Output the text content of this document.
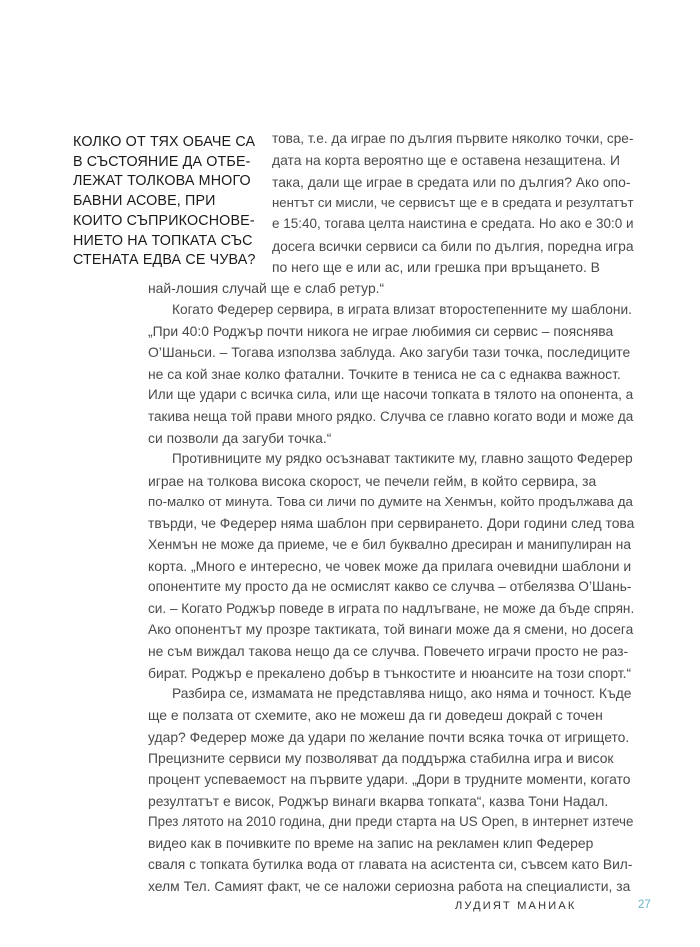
КОЛКО ОТ ТЯХ ОБАЧЕ СА
В СЪСТОЯНИЕ ДА ОТБЕ-
ЛЕЖАТ ТОЛКОВА МНОГО
БАВНИ АСОВЕ, ПРИ
КОИТО СЪПРИКОСНОВЕ-
НИЕТО НА ТОПКАТА СЪС
СТЕНАТА ЕДВА СЕ ЧУВА?
това, т.е. да играе по дългия първите няколко точки, сре-
дата на корта вероятно ще е оставена незащитена. И
така, дали ще играе в средата или по дългия? Ако опо-
нентът си мисли, че сервисът ще е в средата и резултатът
е 15:40, тогава целта наистина е средата. Но ако е 30:0 и
досега всички сервиси са били по дългия, поредна игра
по него ще е или ас, или грешка при връщането. В
най-лошия случай ще е слаб ретур.“
Когато Федерер сервира, в играта влизат второстепенните му шаблони.
„При 40:0 Роджър почти никога не играе любимия си сервис – пояснява
О’Шаньси. – Тогава използва заблуда. Ако загуби тази точка, последиците
не са кой знае колко фатални. Точките в тениса не са с еднаква важност.
Или ще удари с всичка сила, или ще насочи топката в тялото на опонента, а
такива неща той прави много рядко. Случва се главно когато води и може да
си позволи да загуби точка.“
Противниците му рядко осъзнават тактиките му, главно защото Федерер
играе на толкова висока скорост, че печели гейм, в който сервира, за
по-малко от минута. Това си личи по думите на Хенмън, който продължава да
твърди, че Федерер няма шаблон при сервирането. Дори години след това
Хенмън не може да приеме, че е бил буквално дресиран и манипулиран на
корта. „Много е интересно, че човек може да прилага очевидни шаблони и
опонентите му просто да не осмислят какво се случва – отбелязва О’Шань-
си. – Когато Роджър поведе в играта по надлъгване, не може да бъде спрян.
Ако опонентът му прозре тактиката, той винаги може да я смени, но досега
не съм виждал такова нещо да се случва. Повечето играчи просто не раз-
бират. Роджър е прекалено добър в тънкостите и нюансите на този спорт.“
Разбира се, измамата не представлява нищо, ако няма и точност. Къде
ще е ползата от схемите, ако не можеш да ги доведеш докрай с точен
удар? Федерер може да удари по желание почти всяка точка от игрището.
Прецизните сервиси му позволяват да поддържа стабилна игра и висок
процент успеваемост на първите удари. „Дори в трудните моменти, когато
резултатът е висок, Роджър винаги вкарва топката“, казва Тони Надал.
През лятото на 2010 година, дни преди старта на US Open, в интернет изтече
видео как в почивките по време на запис на рекламен клип Федерер
сваля с топката бутилка вода от главата на асистента си, съвсем като Вил-
хелм Тел. Самият факт, че се наложи сериозна работа на специалисти, за
ЛУДИЯТ МАНИАК	27
